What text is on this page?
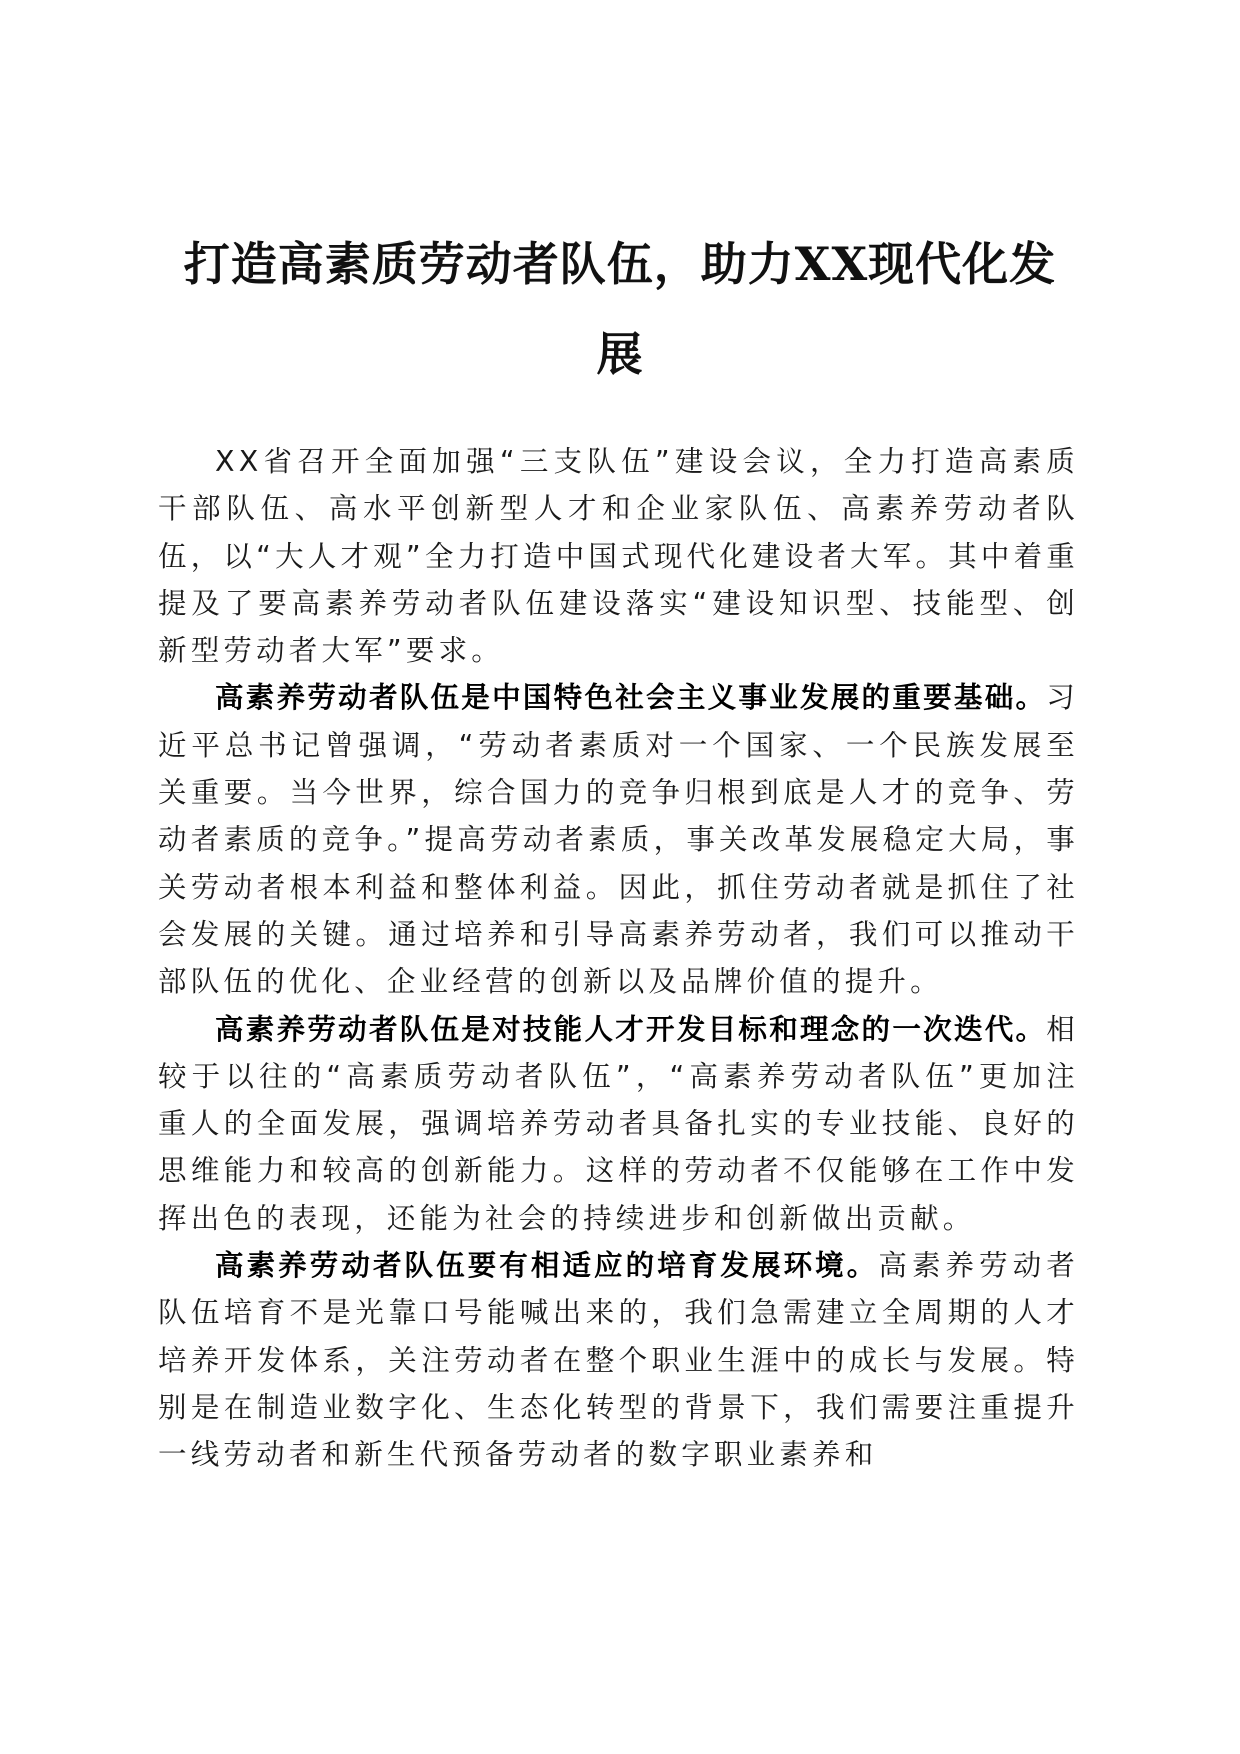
打造高素质劳动者队伍，助力XX现代化发
展

XX省召开全面加强“三支队伍”建设会议，全力打造高素质干部队伍、高水平创新型人才和企业家队伍、高素养劳动者队伍，以“大人才观”全力打造中国式现代化建设者大军。其中着重提及了要高素养劳动者队伍建设落实“建设知识型、技能型、创新型劳动者大军”要求。

高素养劳动者队伍是中国特色社会主义事业发展的重要基础。习近平总书记曾强调，“劳动者素质对一个国家、一个民族发展至关重要。当今世界，综合国力的竞争归根到底是人才的竞争、劳动者素质的竞争。”提高劳动者素质，事关改革发展稳定大局，事关劳动者根本利益和整体利益。因此，抓住劳动者就是抓住了社会发展的关键。通过培养和引导高素养劳动者，我们可以推动干部队伍的优化、企业经营的创新以及品牌价值的提升。

高素养劳动者队伍是对技能人才开发目标和理念的一次迭代。相较于以往的“高素质劳动者队伍”，“高素养劳动者队伍”更加注重人的全面发展，强调培养劳动者具备扎实的专业技能、良好的思维能力和较高的创新能力。这样的劳动者不仅能够在工作中发挥出色的表现，还能为社会的持续进步和创新做出贡献。

高素养劳动者队伍要有相适应的培育发展环境。高素养劳动者队伍培育不是光靠口号能喊出来的，我们急需建立全周期的人才培养开发体系，关注劳动者在整个职业生涯中的成长与发展。特别是在制造业数字化、生态化转型的背景下，我们需要注重提升一线劳动者和新生代预备劳动者的数字职业素养和
